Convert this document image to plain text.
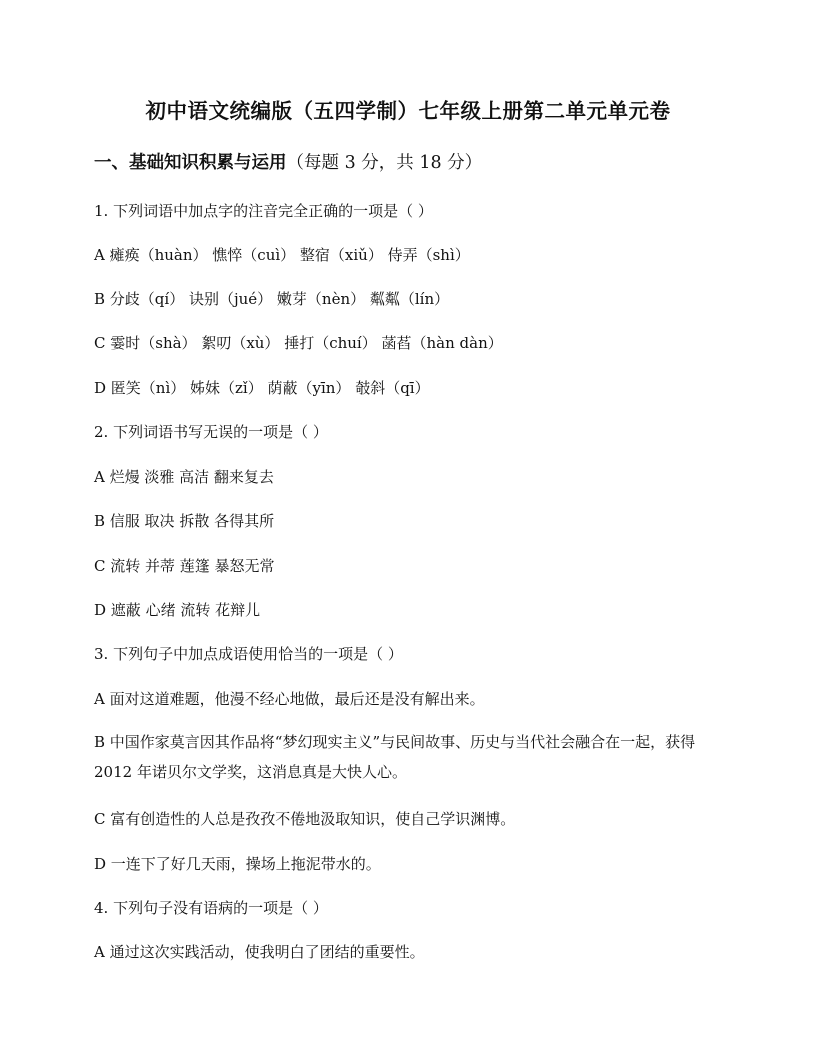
初中语文统编版（五四学制）七年级上册第二单元单元卷
一、基础知识积累与运用（每题 3 分，共 18 分）
1. 下列词语中加点字的注音完全正确的一项是（ ）
A 瘫痪（huàn） 憔悴（cuì） 整宿（xiǔ） 侍弄（shì）
B 分歧（qí） 诀别（jué） 嫩芽（nèn） 粼粼（lín）
C 霎时（shà） 絮叨（xù） 捶打（chuí） 菡萏（hàn dàn）
D 匿笑（nì） 姊妹（zǐ） 荫蔽（yīn） 攲斜（qī）
2. 下列词语书写无误的一项是（ ）
A 烂熳 淡雅 高洁 翻来复去
B 信服 取决 拆散 各得其所
C 流转 并蒂 莲篷 暴怒无常
D 遮蔽 心绪 流转 花辩儿
3. 下列句子中加点成语使用恰当的一项是（ ）
A 面对这道难题，他漫不经心地做，最后还是没有解出来。
B 中国作家莫言因其作品将“梦幻现实主义”与民间故事、历史与当代社会融合在一起，获得 2012 年诺贝尔文学奖，这消息真是大快人心。
C 富有创造性的人总是孜孜不倦地汲取知识，使自己学识渊博。
D 一连下了好几天雨，操场上拖泥带水的。
4. 下列句子没有语病的一项是（ ）
A 通过这次实践活动，使我明白了团结的重要性。
